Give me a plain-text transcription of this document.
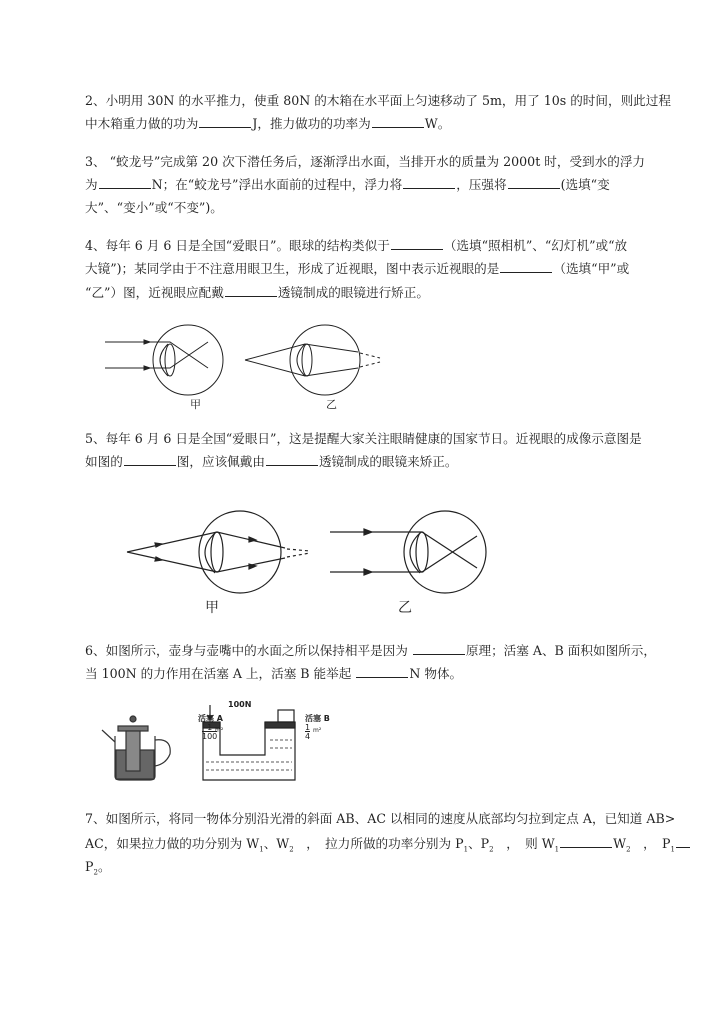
2、小明用 30N 的水平推力，使重 80N 的木箱在水平面上匀速移动了 5m，用了 10s 的时间，则此过程
中木箱重力做的功为	J，推力做功的功率为	W。
3、 “蛟龙号”完成第 20 次下潜任务后，逐渐浮出水面，当排开水的质量为 2000t 时，受到水的浮力
为	N；在“蛟龙号”浮出水面前的过程中，浮力将	，压强将	(选填“变
大”、“变小”或“不变”)。
4、每年 6 月 6 日是全国“爱眼日”。眼球的结构类似于	（选填“照相机”、“幻灯机”或“放
大镜”)；某同学由于不注意用眼卫生，形成了近视眼，图中表示近视眼的是	（选填“甲”或
“乙”）图，近视眼应配戴	透镜制成的眼镜进行矫正。
甲	乙
5、每年 6 月 6 日是全国“爱眼日”，这是提醒大家关注眼睛健康的国家节日。近视眼的成像示意图是
如图的	图，应该佩戴由	透镜制成的眼镜来矫正。
甲	乙
6、如图所示，壶身与壶嘴中的水面之所以保持相平是因为	原理；活塞 A、B 面积如图所示，
当 100N 的力作用在活塞 A 上，活塞 B 能举起	N 物体。
100N
活塞 A
$\frac{1}{100}$
m²
活塞 B
$\frac{1}{4} m^2$
7、如图所示，将同一物体分别沿光滑的斜面 AB、AC 以相同的速度从底部均匀拉到定点 A，已知道 AB>
AC，如果拉力做的功分别为 $W_1$、$W_2$　，　拉力所做的功率分别为 $P_1$、$P_2$　，　则 $W_1$	$W_2$　，　$P_1$
$P_2$。
